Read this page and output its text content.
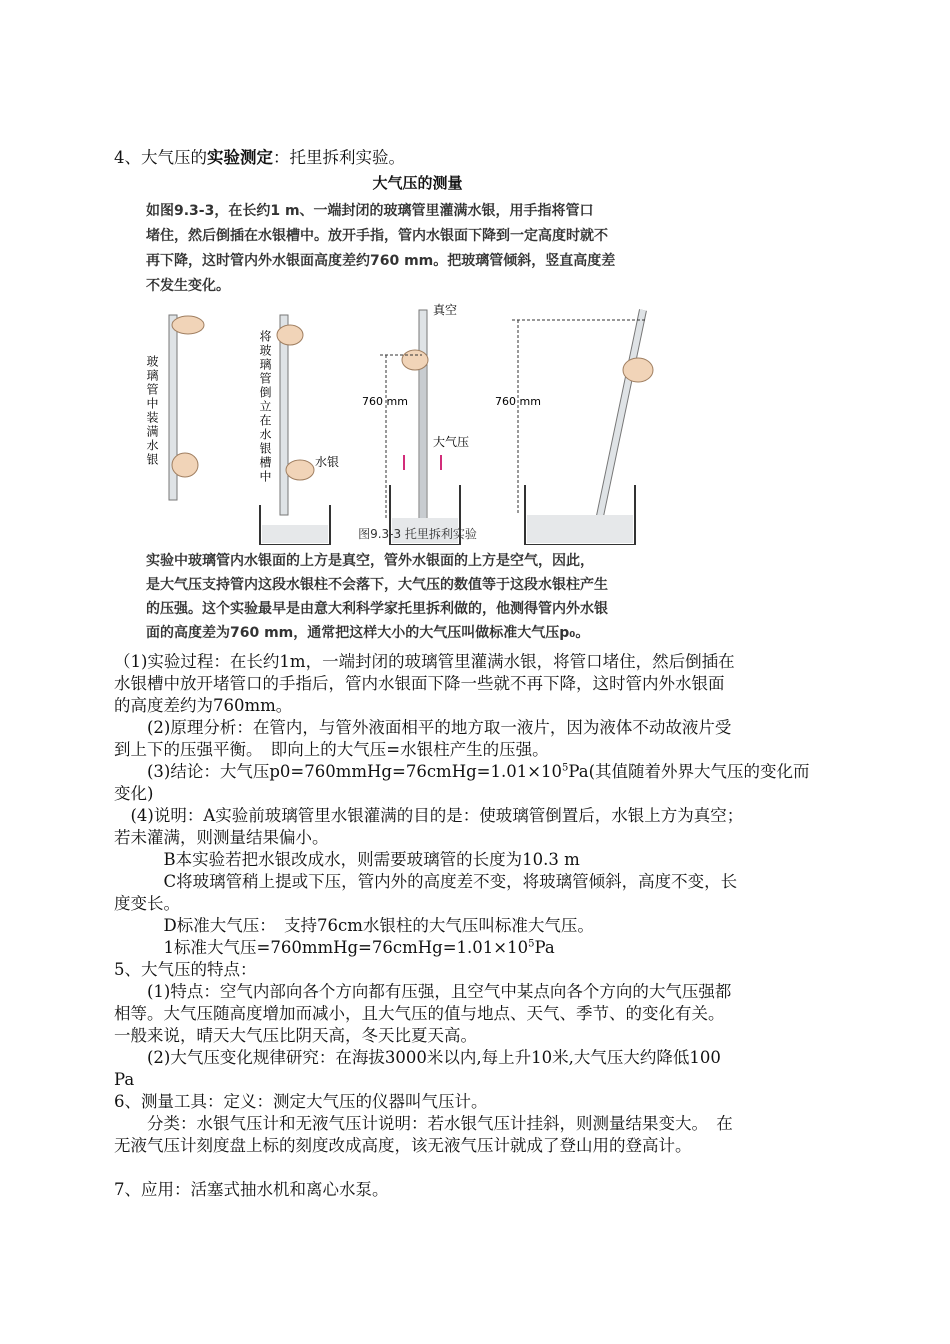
4、大气压的实验测定：托里拆利实验。
大气压的测量
如图9.3-3，在长约1 m、一端封闭的玻璃管里灌满水银，用手指将管口
堵住，然后倒插在水银槽中。放开手指，管内水银面下降到一定高度时就不
再下降，这时管内外水银面高度差约760 mm。把玻璃管倾斜，竖直高度差
不发生变化。
玻璃管中装满水银	将玻璃管倒立在水银槽中	水银
760 mm
真空
大气压
760 mm
图9.3-3 托里拆利实验
实验中玻璃管内水银面的上方是真空，管外水银面的上方是空气，因此，
是大气压支持管内这段水银柱不会落下，大气压的数值等于这段水银柱产生
的压强。这个实验最早是由意大利科学家托里拆利做的，他测得管内外水银
面的高度差为760 mm，通常把这样大小的大气压叫做标准大气压p₀。
（1)实验过程：在长约1m，一端封闭的玻璃管里灌满水银，将管口堵住，然后倒插在
水银槽中放开堵管口的手指后，管内水银面下降一些就不再下降，这时管内外水银面
的高度差约为760mm。
　　(2)原理分析：在管内，与管外液面相平的地方取一液片，因为液体不动故液片受
到上下的压强平衡。　即向上的大气压=水银柱产生的压强。
　　(3)结论：大气压$p0=760mmHg=76cmHg=1.01\times 10^5Pa$(其值随着外界大气压的变化而
变化)
　(4)说明：A实验前玻璃管里水银灌满的目的是：使玻璃管倒置后，水银上方为真空；
若未灌满，则测量结果偏小。
　　　B本实验若把水银改成水，则需要玻璃管的长度为10.3 m
　　　C将玻璃管稍上提或下压，管内外的高度差不变，将玻璃管倾斜，高度不变，长
度变长。
　　　D标准大气压：　支持76cm水银柱的大气压叫标准大气压。
　　　1标准大气压$=760mmHg=76cmHg=1.01\times 10^5Pa$
5、大气压的特点：
　　(1)特点：空气内部向各个方向都有压强，且空气中某点向各个方向的大气压强都
相等。大气压随高度增加而减小，且大气压的值与地点、天气、季节、的变化有关。
一般来说，晴天大气压比阴天高，冬天比夏天高。
　　(2)大气压变化规律研究：在海拔3000米以内,每上升10米,大气压大约降低100
Pa
6、测量工具：定义：测定大气压的仪器叫气压计。
　　分类：水银气压计和无液气压计说明：若水银气压计挂斜，则测量结果变大。　在
无液气压计刻度盘上标的刻度改成高度，该无液气压计就成了登山用的登高计。
7、应用：活塞式抽水机和离心水泵。
